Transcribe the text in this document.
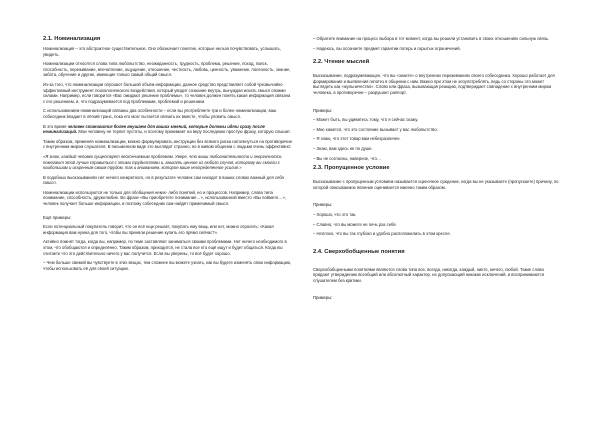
2.1. Номинализация

Номинализация – это абстрактное существительное. Оно обозначает понятие, которые нельзя почувствовать, услышать, увидеть.

Номинализации относятся слова типа любопытство, неожиданность, трудность, проблема, решение, поход, поиск, способность, переживание, впечатление, ощущение, отношение, честность, любовь, ценность, уважение, полезность, знание, забота, обучение и другие, имеющие только самый общий смысл.

Из-за того, что номинализации опускают большой объём информации, данное средство представляет собой чрезвычайно эффективный инструмент психологического воздействия, который уводит сознание внутрь, вынуждая искать смысл своими силами. Например, если говорится «Вас ожидают решение проблемы», то человек должен понять какая информация связана с его решением, и, что подразумевается под проблемами, проблемой и решением.

С использованием номинализаций связаны два особенности – если вы употребляете три и более номинализации, ваш собеседник впадает в лёгкий транс, пока его мозг пытается связать их вместе, чтобы уловить смысл.

В это время человек становится более внушаем для ваших мнений, которые должны идти сразу после номинализаций. Мои человеку не терпит пустоты, и поэтому принимает на веру последнюю простую фразу, которую слышит.

Таким образом, применяя номинализации, можно формулировать инструкции без всякого риска натолкнуться на противоречие с внутренним миром слушателя. В письменном виде это выглядит странно, но в живом общении с людьми очень эффективно:

«Я знаю, каждый человек существует нескончаемым проблемам. Увере, что ваши любознательности и энергичность помогают этой лучше справиться с этими трудностями и, вникать ценное из любого случая, которому вы смогли с наибольшим и искренним своим трудом, так и вниманием, которое ваше неопределенное усилие.»

В подобных высказываниях нет ничего конкретного, но в результате человек сам находит в ваших словах важный для себя смысл.

Номинализации используются не только для обобщения неких- либо понятий, но и процессов. Например, слова типа понимание, способность, дружелюбие. Во фразе «Вы приобретете понимание…», использованной вместо «Вы поймете…», человек получает больше информации, и поэтому собеседник сам найдёт применимый смысл.

Ещё примеры:

Если потенциальный покупатель говорит, что он всё еще решает, покупать ему вещь или нет, можно спросить: «Какая информация вам нужна для того, чтобы вы приняли решение купить его прямо сейчас?».

Активно помнят тогда, когда вы, например, по теме заставляют заниматься своими проблемами. Нет ничего необходимого в этом, что обобщаются и определённо. Таким образом, приходится, не стала все кто ещё ищут и будет общаться. Когда вы считаете что это действительно ничего у вас получится. Если вы уверены, то всё будет хорошо.

– Чем больше свежий вы чувствуете в этих вещах, тем сложнее вы можете узнать, как вы будете изменять свою информацию, чтобы использовать её для своей ситуации.

– Обратите внимание на процесс выбора в тот момент, когда вы решили установить в своих отношениях сильную связь.

– Надеюсь, вы осознаете предмет гарантии потерь и скрытых ограничений.

2.2. Чтение мыслей

Высказывание, подразумевающее, что вы «знаете» о внутренних переживаниях своего собеседника. Хорошо работает для формирования и выявления гипотез в общении с ним. Важно при этом не злоупотреблять, ведь со стороны это может выглядеть как «жульничество». Слово или фраза, вызывающая реакцию, подтверждает совпадение с внутренним миром человека, а противоречие – разрушает раппорт.

Примеры:

– Может быть, вы удивитесь тому, что я сейчас скажу.

– Мне кажется, что это состояние вызывает у вас любопытство.

– Я знаю, что этот товар вам небезразличен.

– Знаю, вам здесь не по душе.

– Вы не согласны, наверное, что…

2.3. Пропущенное условие

Высказывание с пропущенным условием называется оценочное суждение, когда вы не указываете (пропускаете) причину, по которой описываемое явление оценивается именно таким образом.

Примеры:

– Хорошо, что это так.

– Славно, что вы можете не лечь раз себя.

– Неплохо, что вы так глубоко и удобно расположились в этом кресле.

2.4. Сверхобобщенные понятия

Сверхобобщенными понятиями являются слова типа все, всегда, никогда, каждый, никто, ничего, любой. Такие слова придают утверждению всеобщий или абсолютный характер, не допускающий никаких исключений, и воспринимаются слушателем без критики.

Примеры:
